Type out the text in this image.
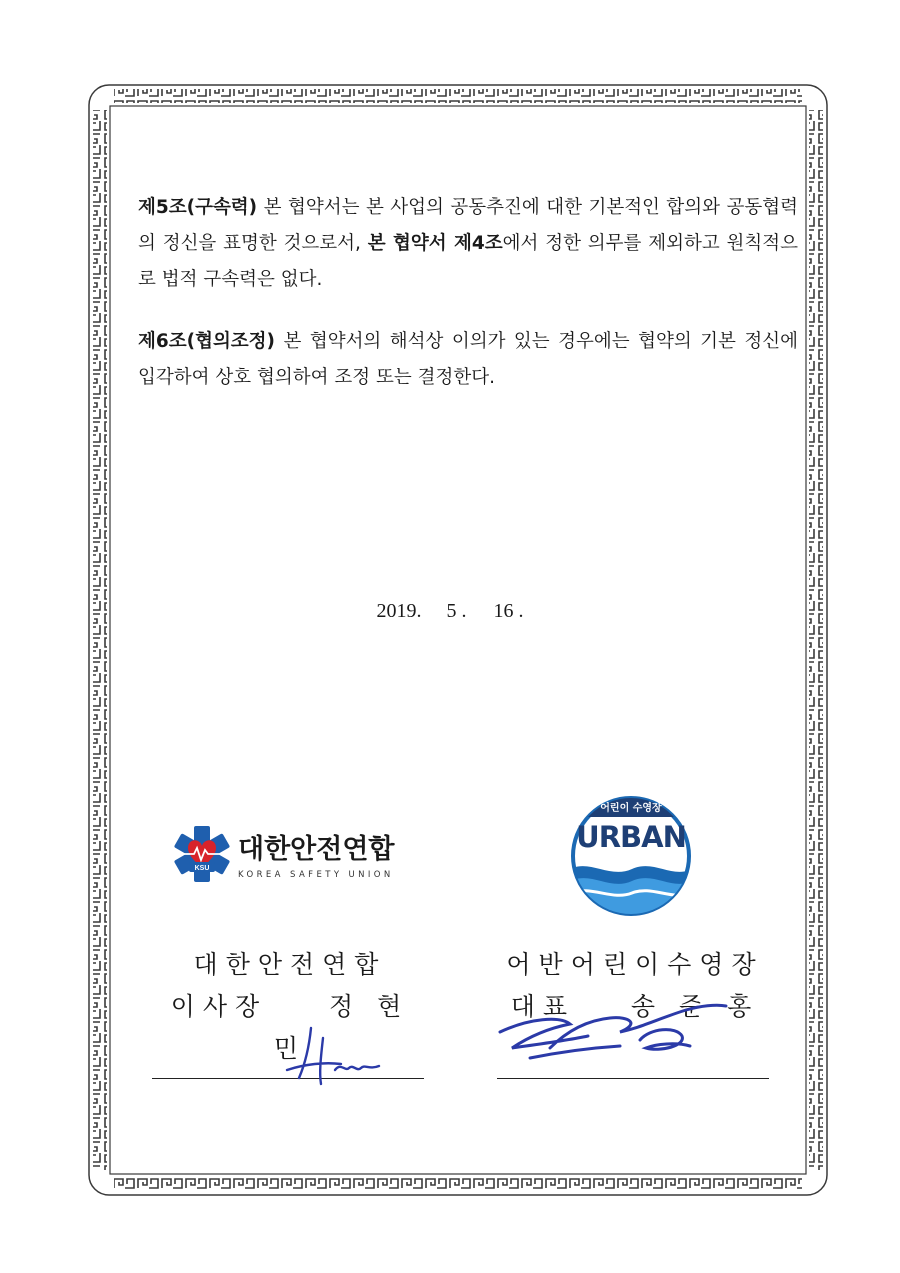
제5조(구속력) 본 협약서는 본 사업의 공동추진에 대한 기본적인 합의와 공동협력의 정신을 표명한 것으로서, 본 협약서 제4조에서 정한 의무를 제외하고 원칙적으로 법적 구속력은 없다.

제6조(협의조정) 본 협약서의 해석상 이의가 있는 경우에는 협약의 기본 정신에 입각하여 상호 협의하여 조정 또는 결정한다.

2019. 5 . 16 .
KSU
대한안전연합
KOREA SAFETY UNION
어린이 수영장
URBAN
대한안전연합
이사장 정 현 민
어반어린이수영장
대표 송 준 홍
